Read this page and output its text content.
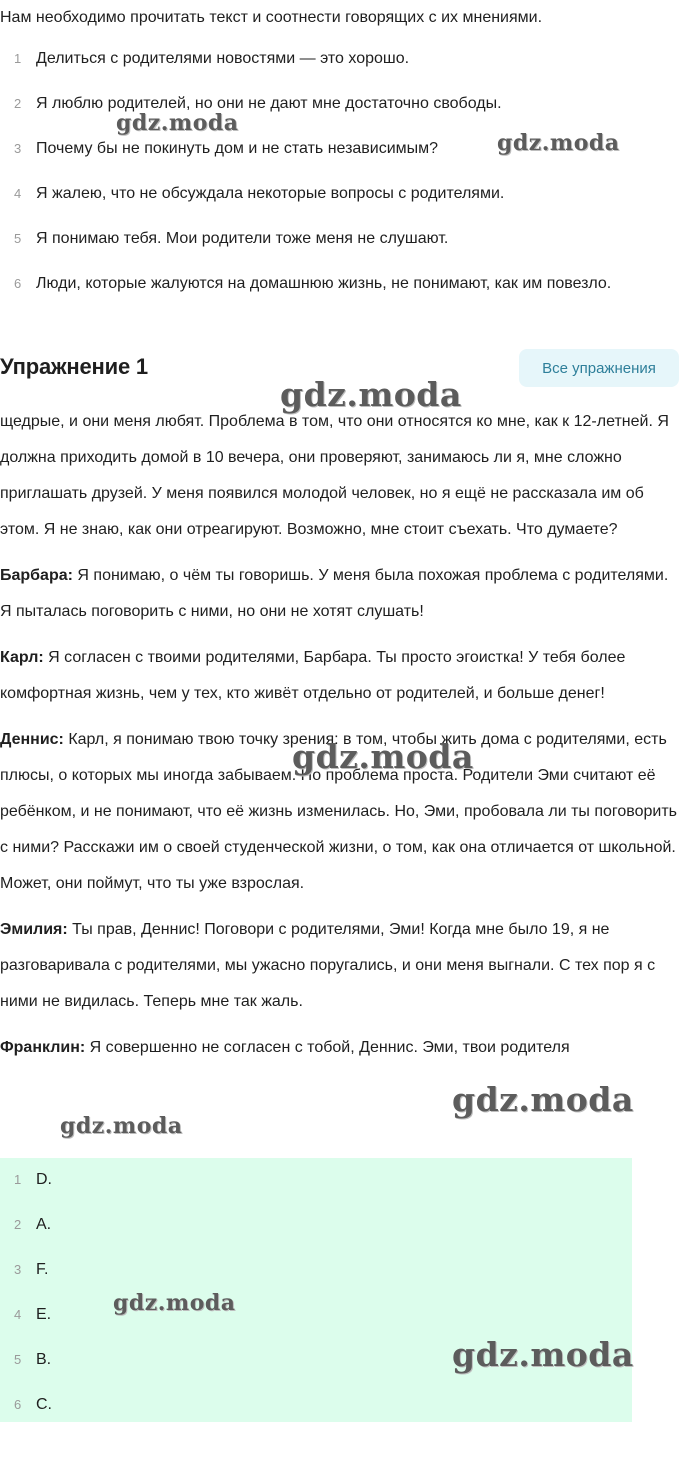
Нам необходимо прочитать текст и соотнести говорящих с их мнениями.
1 Делиться с родителями новостями — это хорошо.
2 Я люблю родителей, но они не дают мне достаточно свободы.
3 Почему бы не покинуть дом и не стать независимым?
4 Я жалею, что не обсуждала некоторые вопросы с родителями.
5 Я понимаю тебя. Мои родители тоже меня не слушают.
6 Люди, которые жалуются на домашнюю жизнь, не понимают, как им повезло.
Упражнение 1	Все упражнения

щедрые, и они меня любят. Проблема в том, что они относятся ко мне, как к 12-летней. Я должна приходить домой в 10 вечера, они проверяют, занимаюсь ли я, мне сложно приглашать друзей. У меня появился молодой человек, но я ещё не рассказала им об этом. Я не знаю, как они отреагируют. Возможно, мне стоит съехать. Что думаете?

Барбара: Я понимаю, о чём ты говоришь. У меня была похожая проблема с родителями. Я пыталась поговорить с ними, но они не хотят слушать!

Карл: Я согласен с твоими родителями, Барбара. Ты просто эгоистка! У тебя более комфортная жизнь, чем у тех, кто живёт отдельно от родителей, и больше денег!

Деннис: Карл, я понимаю твою точку зрения: в том, чтобы жить дома с родителями, есть плюсы, о которых мы иногда забываем. Но проблема проста. Родители Эми считают её ребёнком, и не понимают, что её жизнь изменилась. Но, Эми, пробовала ли ты поговорить с ними? Расскажи им о своей студенческой жизни, о том, как она отличается от школьной. Может, они поймут, что ты уже взрослая.

Эмилия: Ты прав, Деннис! Поговори с родителями, Эми! Когда мне было 19, я не разговаривала с родителями, мы ужасно поругались, и они меня выгнали. С тех пор я с ними не видилась. Теперь мне так жаль.

Франклин: Я совершенно не согласен с тобой, Деннис. Эми, твои родителя

1 D.
2 A.
3 F.
4 E.
5 B.
6 C.
gdz.moda
gdz.moda
gdz.moda
gdz.moda
gdz.moda
gdz.moda
gdz.moda
gdz.moda
